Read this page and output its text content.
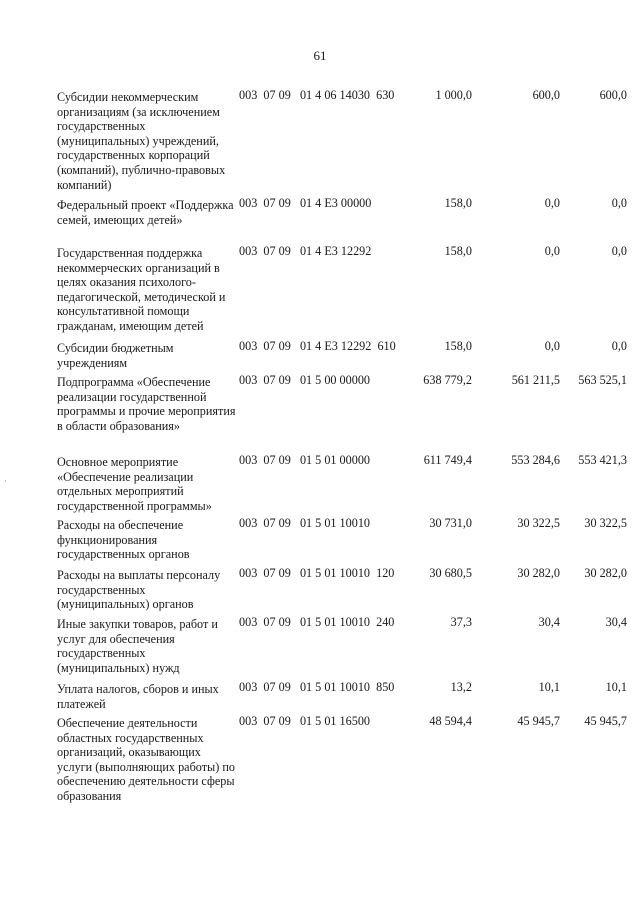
61
·
Субсидии некоммерческим организациям (за исключением государственных (муниципальных) учреждений, государственных корпораций (компаний), публично-правовых компаний)
003  07 09   01 4 06 14030  630	1 000,0	600,0	600,0
Федеральный проект «Поддержка семей, имеющих детей»
003  07 09   01 4 Е3 00000	158,0	0,0	0,0
Государственная поддержка некоммерческих организаций в целях оказания психолого-педагогической, методической и консультативной помощи гражданам, имеющим детей
003  07 09   01 4 Е3 12292	158,0	0,0	0,0
Субсидии бюджетным учреждениям
003  07 09   01 4 Е3 12292  610	158,0	0,0	0,0
Подпрограмма «Обеспечение реализации государственной программы и прочие мероприятия в области образования»
003  07 09   01 5 00 00000	638 779,2	561 211,5	563 525,1
Основное мероприятие «Обеспечение реализации отдельных мероприятий государственной программы»
003  07 09   01 5 01 00000	611 749,4	553 284,6	553 421,3
Расходы на обеспечение функционирования государственных органов
003  07 09   01 5 01 10010	30 731,0	30 322,5	30 322,5
Расходы на выплаты персоналу государственных (муниципальных) органов
003  07 09   01 5 01 10010  120	30 680,5	30 282,0	30 282,0
Иные закупки товаров, работ и услуг для обеспечения государственных (муниципальных) нужд
003  07 09   01 5 01 10010  240	37,3	30,4	30,4
Уплата налогов, сборов и иных платежей
003  07 09   01 5 01 10010  850	13,2	10,1	10,1
Обеспечение деятельности областных государственных организаций, оказывающих услуги (выполняющих работы) по обеспечению деятельности сферы образования
003  07 09   01 5 01 16500	48 594,4	45 945,7	45 945,7
